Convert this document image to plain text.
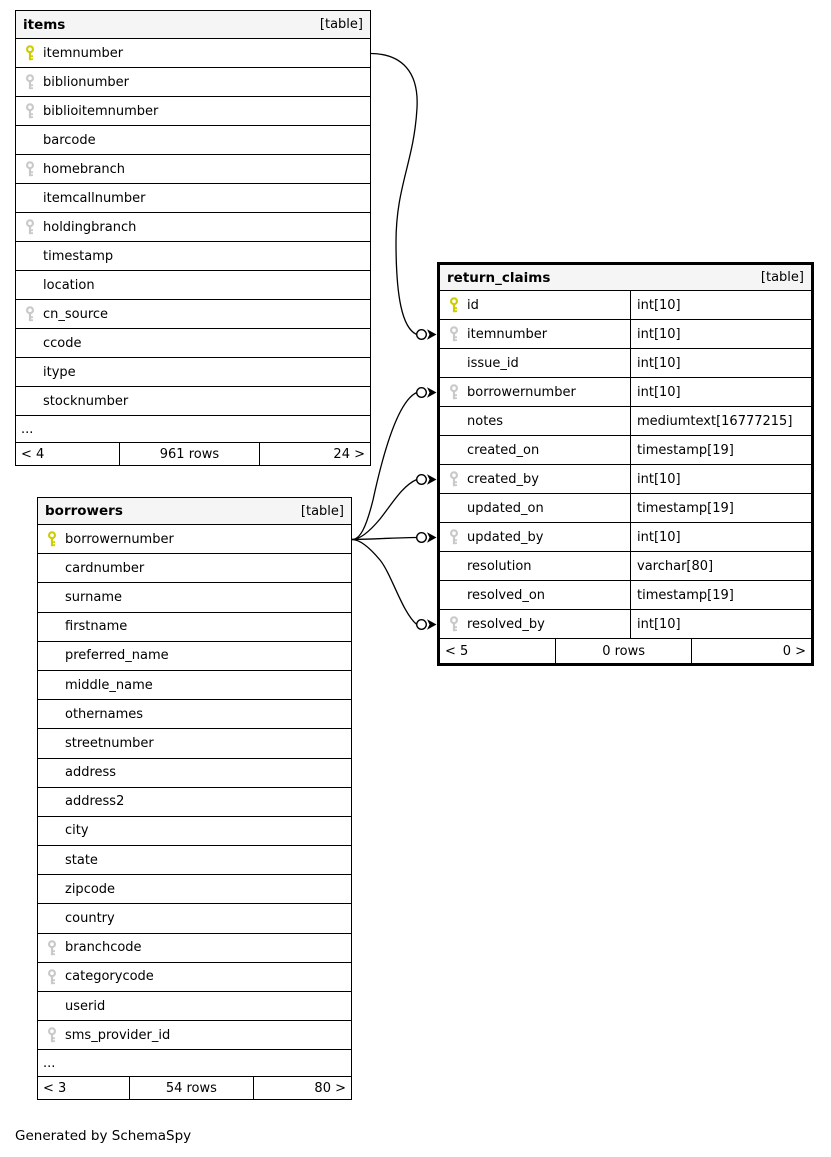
items	[table]
itemnumber
biblionumber
biblioitemnumber
barcode
homebranch
itemcallnumber
holdingbranch
timestamp
location
cn_source
ccode
itype
stocknumber
...
< 4	961 rows	24 >
return_claims	[table]
id	int[10]
itemnumber	int[10]
issue_id	int[10]
borrowernumber	int[10]
notes	mediumtext[16777215]
created_on	timestamp[19]
created_by	int[10]
updated_on	timestamp[19]
updated_by	int[10]
resolution	varchar[80]
resolved_on	timestamp[19]
resolved_by	int[10]
< 5	0 rows	0 >
borrowers	[table]
borrowernumber
cardnumber
surname
firstname
preferred_name
middle_name
othernames
streetnumber
address
address2
city
state
zipcode
country
branchcode
categorycode
userid
sms_provider_id
...
< 3	54 rows	80 >
Generated by SchemaSpy
